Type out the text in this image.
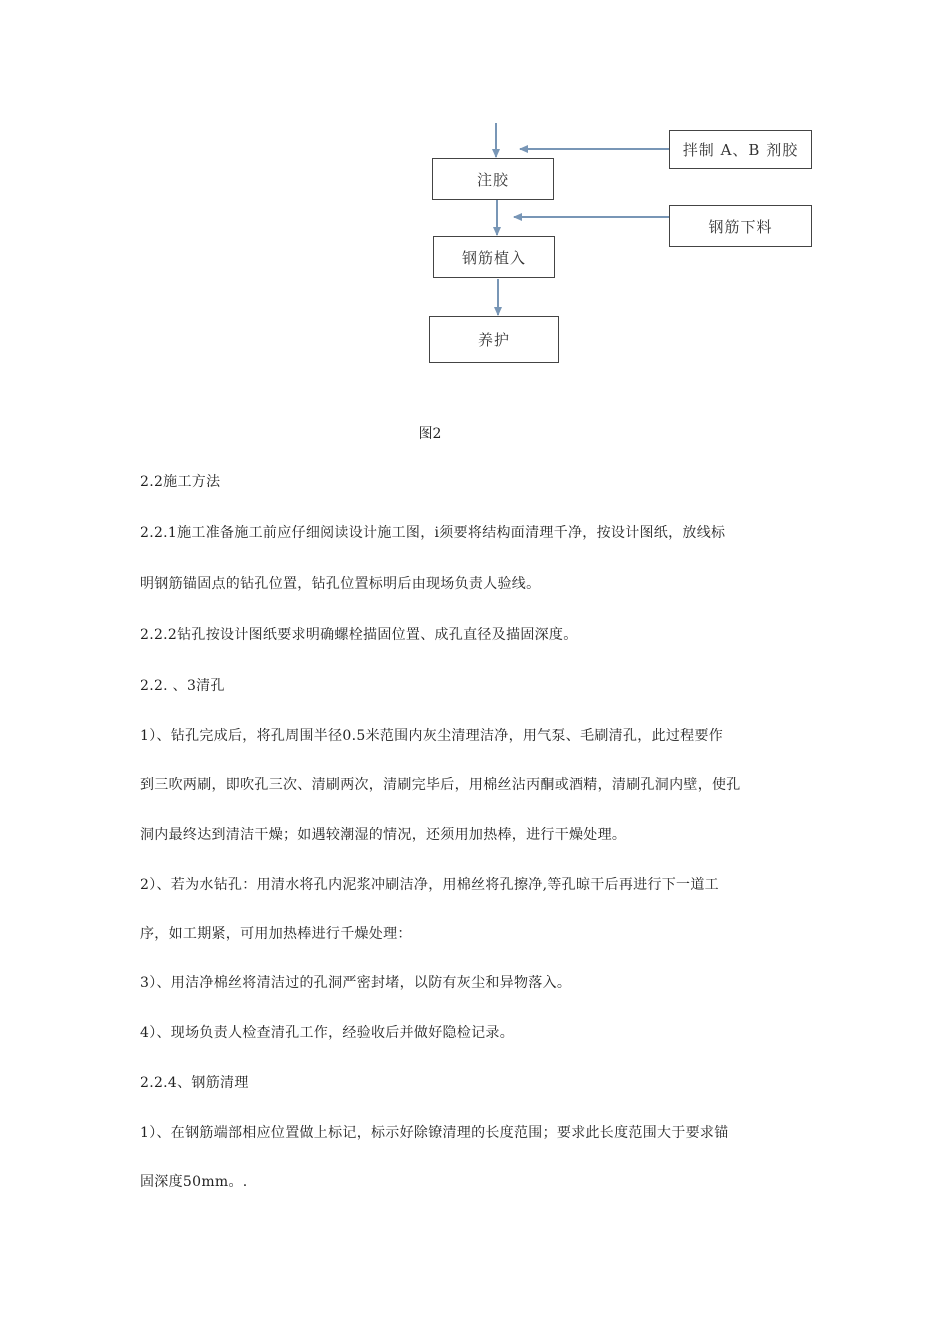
拌制 A、B 剂胶
注胶
钢筋下料
钢筋植入
养护
图2
2.2施工方法
2.2.1施工准备施工前应仔细阅读设计施工图，i须要将结构面清理千净，按设计图纸，放线标
明钢筋锚固点的钻孔位置，钻孔位置标明后由现场负责人验线。
2.2.2钻孔按设计图纸要求明确螺栓描固位置、成孔直径及描固深度。
2.2. 、3清孔
1）、钻孔完成后，将孔周围半径0.5米范围内灰尘清理洁净，用气泵、毛刷清孔，此过程要作
到三吹两刷，即吹孔三次、清刷两次，清刷完毕后，用棉丝沾丙酮或酒精，清刷孔洞内壁，使孔
洞内最终达到清洁干燥；如遇较潮湿的情况，还须用加热棒，进行干燥处理。
2）、若为水钻孔：用清水将孔内泥浆冲刷洁净，用棉丝将孔擦净,等孔晾干后再进行下一道工
序，如工期紧，可用加热棒进行千燥处理：
3）、用洁净棉丝将清洁过的孔洞严密封堵，以防有灰尘和异物落入。
4）、现场负责人检查清孔工作，经验收后并做好隐检记录。
2.2.4、钢筋清理
1）、在钢筋端部相应位置做上标记，标示好除镣清理的长度范围；要求此长度范围大于要求锚
固深度50mm。.
